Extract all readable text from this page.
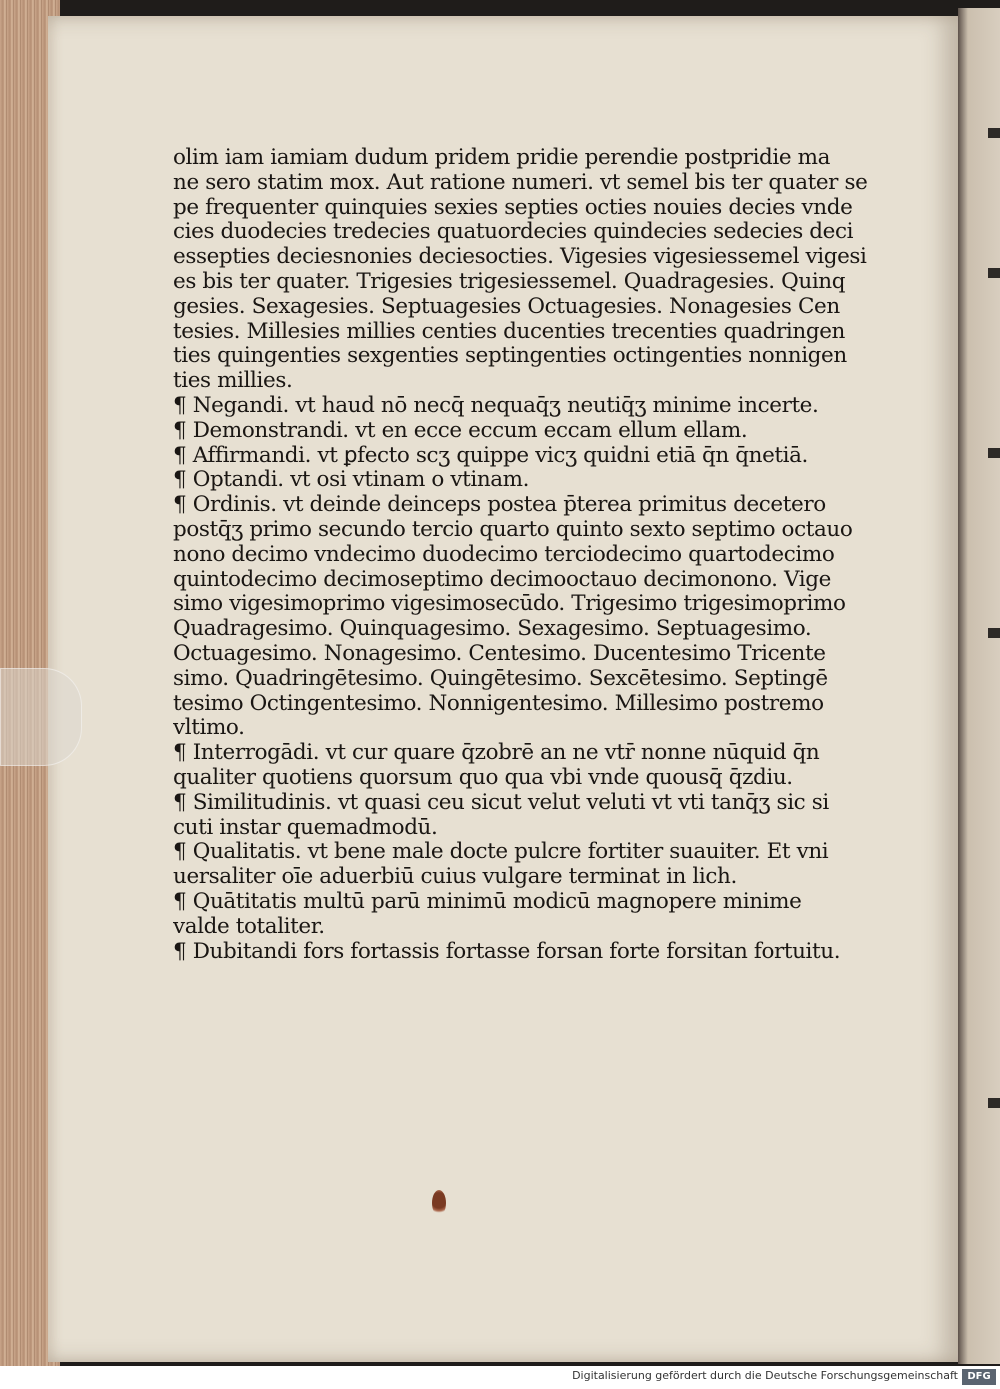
olim iam iamiam dudum pridem pridie perendie postpridie ma
ne sero statim mox. Aut ratione numeri. vt semel bis ter quater se
pe frequenter quinquies sexies septies octies nouies decies vnde
cies duodecies tredecies quatuordecies quindecies sedecies deci
essepties deciesnonies deciesocties. Vigesies vigesiessemel vigesi
es bis ter quater. Trigesies trigesiessemel. Quadragesies. Quinq
gesies. Sexagesies. Septuagesies Octuagesies. Nonagesies Cen
tesies. Millesies millies centies ducenties trecenties quadringen
ties quingenties sexgenties septingenties octingenties nonnigen
ties millies.
¶ Negandi. vt haud nō necq̄ nequaq̄ʒ neutiq̄ʒ minime incerte.
¶ Demonstrandi. vt en ecce eccum eccam ellum ellam.
¶ Affirmandi. vt ꝑfecto scʒ quippe vicʒ quidni etiā q̄n q̄netiā.
¶ Optandi. vt osi vtinam o vtinam.
¶ Ordinis. vt deinde deinceps postea p̄terea primitus decetero
postq̄ʒ primo secundo tercio quarto quinto sexto septimo octauo
nono decimo vndecimo duodecimo terciodecimo quartodecimo
quintodecimo decimoseptimo decimooctauo decimonono. Vige
simo vigesimoprimo vigesimosecūdo. Trigesimo trigesimoprimo
Quadragesimo. Quinquagesimo. Sexagesimo. Septuagesimo.
Octuagesimo. Nonagesimo. Centesimo. Ducentesimo Tricente
simo. Quadringētesimo. Quingētesimo. Sexcētesimo. Septingē
tesimo Octingentesimo. Nonnigentesimo. Millesimo postremo
vltimo.
¶ Interrogādi. vt cur quare q̄zobrē an ne vtr̄ nonne nūquid q̄n
qualiter quotiens quorsum quo qua vbi vnde quousq̄ q̄zdiu.
¶ Similitudinis. vt quasi ceu sicut velut veluti vt vti tanq̄ʒ sic si
cuti instar quemadmodū.
¶ Qualitatis. vt bene male docte pulcre fortiter suauiter. Et vni
uersaliter oīe aduerbiū cuius vulgare terminat̄ in lich.
¶ Quātitatis multū parū minimū modicū magnopere minime
valde totaliter.
¶ Dubitandi fors fortassis fortasse forsan forte forsitan fortuitu.
Digitalisierung gefördert durch die Deutsche Forschungsgemeinschaft DFG
